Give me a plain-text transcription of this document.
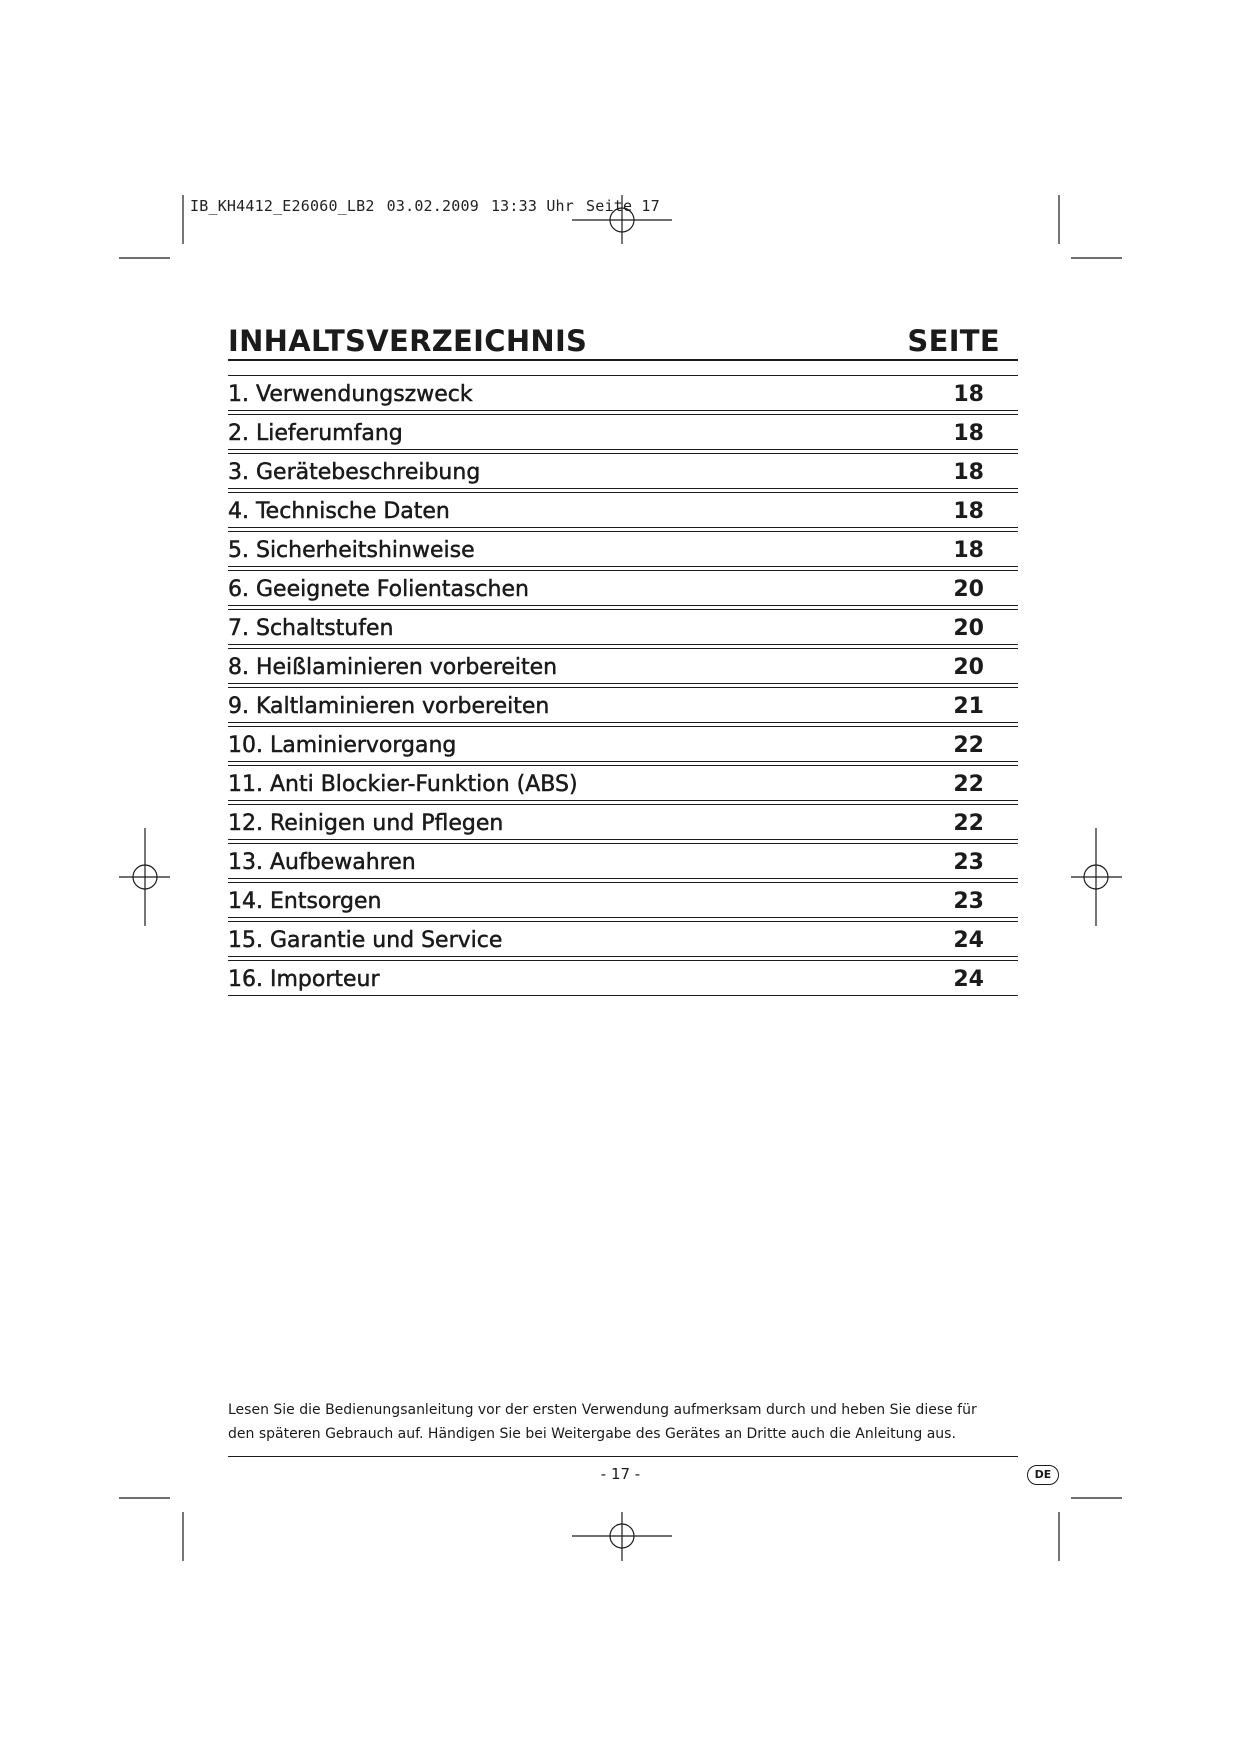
IB_KH4412_E26060_LB2 03.02.2009 13:33 Uhr Seite 17
INHALTSVERZEICHNIS	SEITE
1. Verwendungszweck	18
2. Lieferumfang	18
3. Gerätebeschreibung	18
4. Technische Daten	18
5. Sicherheitshinweise	18
6. Geeignete Folientaschen	20
7. Schaltstufen	20
8. Heißlaminieren vorbereiten	20
9. Kaltlaminieren vorbereiten	21
10. Laminiervorgang	22
11. Anti Blockier-Funktion (ABS)	22
12. Reinigen und Pflegen	22
13. Aufbewahren	23
14. Entsorgen	23
15. Garantie und Service	24
16. Importeur	24

Lesen Sie die Bedienungsanleitung vor der ersten Verwendung aufmerksam durch und heben Sie diese für

den späteren Gebrauch auf. Händigen Sie bei Weitergabe des Gerätes an Dritte auch die Anleitung aus.

- 17 -	DE
